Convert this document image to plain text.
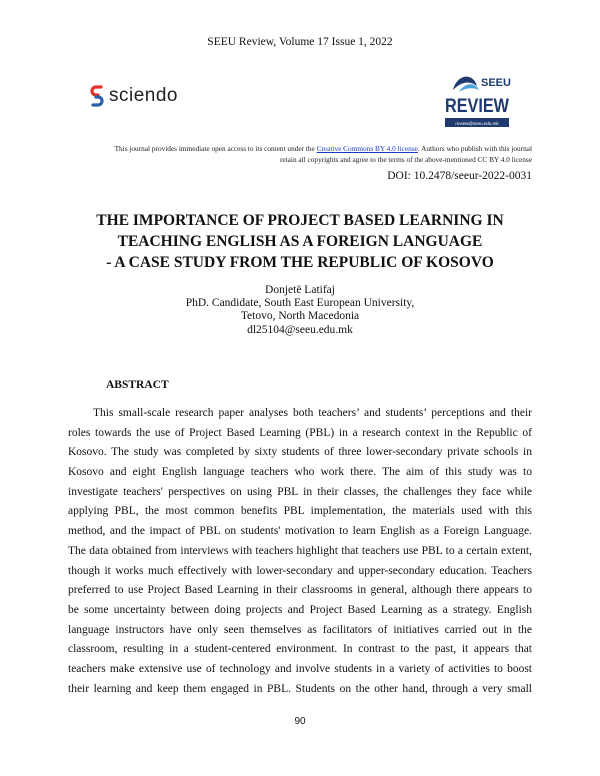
SEEU Review, Volume 17 Issue 1, 2022
sciendo
SEEU
REVIEW
review@seeu.edu.mk
This journal provides immediate open access to its content under the Creative Commons BY 4.0 license. Authors who publish with this journal
retain all copyrights and agree to the terms of the above-mentioned CC BY 4.0 license
DOI: 10.2478/seeur-2022-0031
THE IMPORTANCE OF PROJECT BASED LEARNING IN
TEACHING ENGLISH AS A FOREIGN LANGUAGE
- A CASE STUDY FROM THE REPUBLIC OF KOSOVO
Donjetë Latifaj
PhD. Candidate, South East European University,
Tetovo, North Macedonia
dl25104@seeu.edu.mk
ABSTRACT
This small-scale research paper analyses both teachers’ and students’ perceptions and their
roles towards the use of Project Based Learning (PBL) in a research context in the Republic of
Kosovo. The study was completed by sixty students of three lower-secondary private schools in
Kosovo and eight English language teachers who work there. The aim of this study was to
investigate teachers' perspectives on using PBL in their classes, the challenges they face while
applying PBL, the most common benefits PBL implementation, the materials used with this
method, and the impact of PBL on students' motivation to learn English as a Foreign Language.
The data obtained from interviews with teachers highlight that teachers use PBL to a certain extent,
though it works much effectively with lower-secondary and upper-secondary education. Teachers
preferred to use Project Based Learning in their classrooms in general, although there appears to
be some uncertainty between doing projects and Project Based Learning as a strategy. English
language instructors have only seen themselves as facilitators of initiatives carried out in the
classroom, resulting in a student-centered environment. In contrast to the past, it appears that
teachers make extensive use of technology and involve students in a variety of activities to boost
their learning and keep them engaged in PBL. Students on the other hand, through a very small
90
